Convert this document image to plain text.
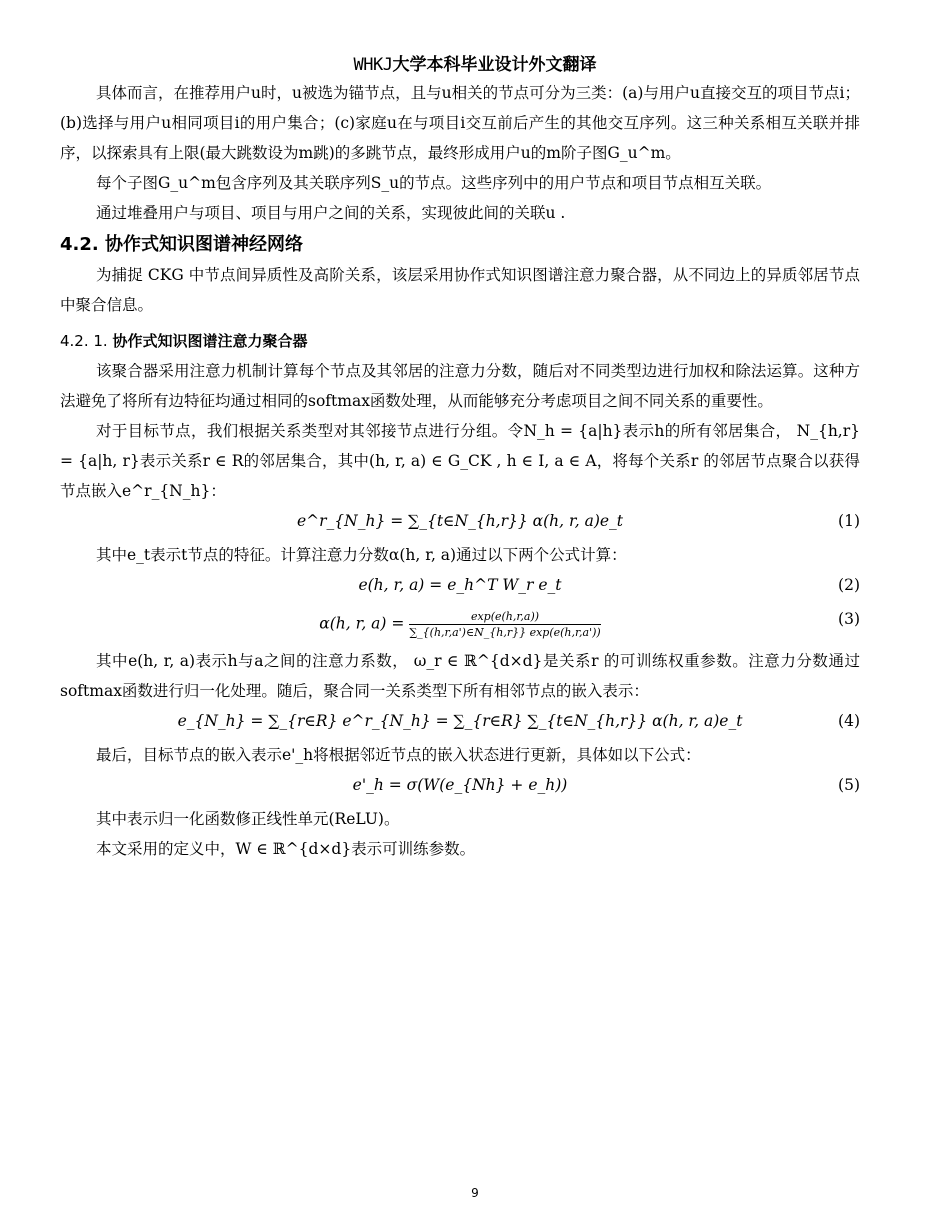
WHKJ大学本科毕业设计外文翻译

具体而言，在推荐用户u时，u被选为锚节点，且与u相关的节点可分为三类：(a)与用户u直接交互的项目节点i；(b)选择与用户u相同项目i的用户集合；(c)家庭u在与项目i交互前后产生的其他交互序列。这三种关系相互关联并排序，以探索具有上限(最大跳数设为m跳)的多跳节点，最终形成用户u的m阶子图G_u^m。

每个子图G_u^m包含序列及其关联序列S_u的节点。这些序列中的用户节点和项目节点相互关联。

通过堆叠用户与项目、项目与用户之间的关系，实现彼此间的关联u .

4.2. 协作式知识图谱神经网络

为捕捉 CKG 中节点间异质性及高阶关系，该层采用协作式知识图谱注意力聚合器，从不同边上的异质邻居节点中聚合信息。

4.2. 1. 协作式知识图谱注意力聚合器

该聚合器采用注意力机制计算每个节点及其邻居的注意力分数，随后对不同类型边进行加权和除法运算。这种方法避免了将所有边特征均通过相同的softmax函数处理，从而能够充分考虑项目之间不同关系的重要性。

对于目标节点，我们根据关系类型对其邻接节点进行分组。令N_h = {a|h}表示h的所有邻居集合， N_{h,r} = {a|h, r}表示关系r ∈ R的邻居集合，其中(h, r, a) ∈ G_CK , h ∈ I, a ∈ A，将每个关系r 的邻居节点聚合以获得节点嵌入e^r_{N_h}：

e^r_{N_h} = ∑_{t∈N_{h,r}} α(h, r, a)e_t	(1)

其中e_t表示t节点的特征。计算注意力分数α(h, r, a)通过以下两个公式计算：

e(h, r, a) = e_h^T W_r e_t	(2)
α(h, r, $a) = \frac{\exp(e(h,r,a))}{\sum\_\{(h,r,a')\in N\_\{h,r\}\} \exp(e(h,r,a'))}$	(3)

其中e(h, r, a)表示h与a之间的注意力系数， ω_r ∈ ℝ^{d×d}是关系r 的可训练权重参数。注意力分数通过softmax函数进行归一化处理。随后，聚合同一关系类型下所有相邻节点的嵌入表示：

e_{N_h} = ∑_{r∈R} e^r_{N_h} = ∑_{r∈R} ∑_{t∈N_{h,r}} α(h, r, a)e_t	(4)

最后，目标节点的嵌入表示e'_h将根据邻近节点的嵌入状态进行更新，具体如以下公式：

e'_h = σ(W(e_{Nh} + e_h))	(5)

其中表示归一化函数修正线性单元(ReLU)。

本文采用的定义中，W ∈ ℝ^{d×d}表示可训练参数。

9
